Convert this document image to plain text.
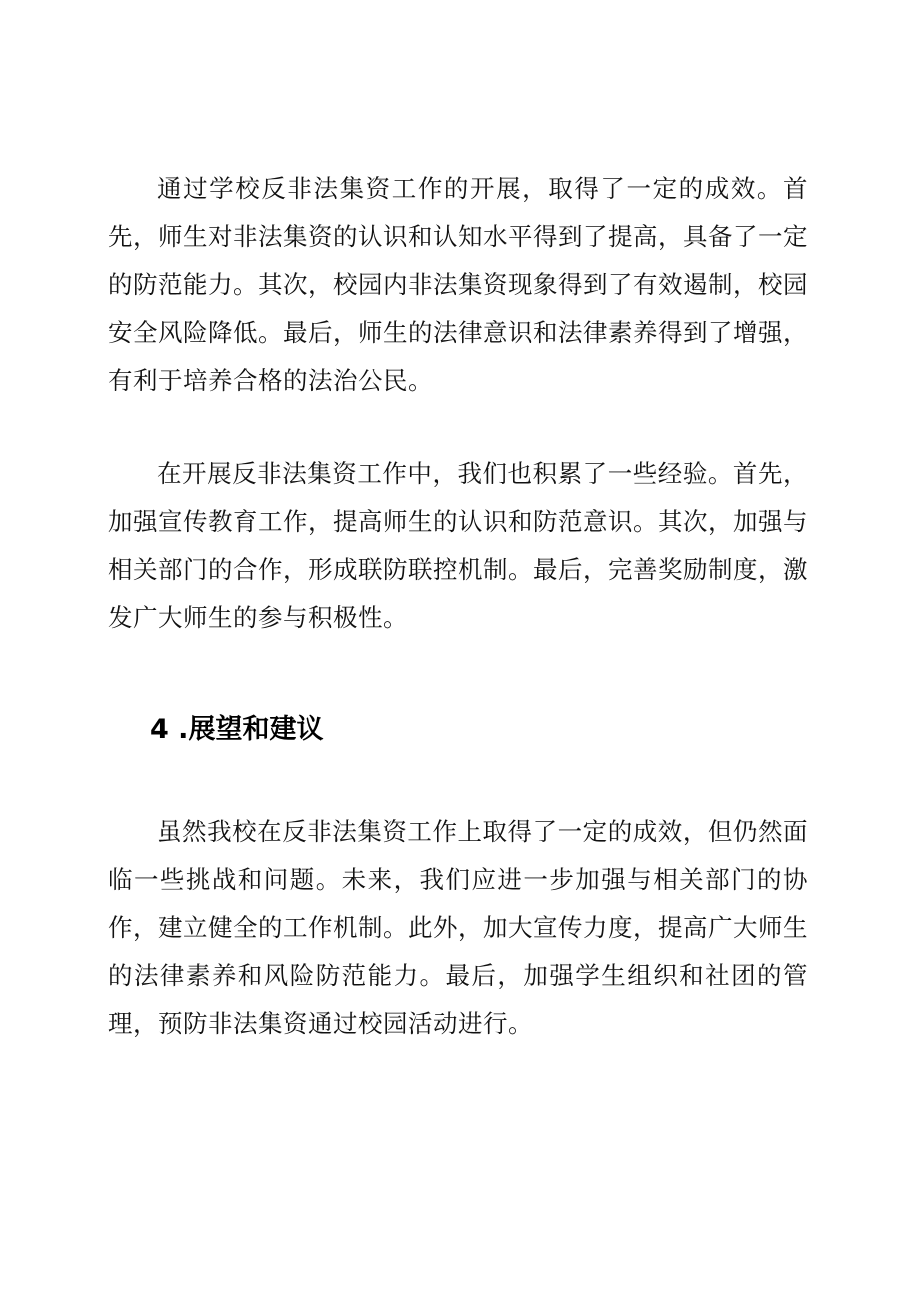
通过学校反非法集资工作的开展，取得了一定的成效。首先，师生对非法集资的认识和认知水平得到了提高，具备了一定的防范能力。其次，校园内非法集资现象得到了有效遏制，校园安全风险降低。最后，师生的法律意识和法律素养得到了增强，有利于培养合格的法治公民。

在开展反非法集资工作中，我们也积累了一些经验。首先，加强宣传教育工作，提高师生的认识和防范意识。其次，加强与相关部门的合作，形成联防联控机制。最后，完善奖励制度，激发广大师生的参与积极性。

4 .展望和建议

虽然我校在反非法集资工作上取得了一定的成效，但仍然面临一些挑战和问题。未来，我们应进一步加强与相关部门的协作，建立健全的工作机制。此外，加大宣传力度，提高广大师生的法律素养和风险防范能力。最后，加强学生组织和社团的管理，预防非法集资通过校园活动进行。
